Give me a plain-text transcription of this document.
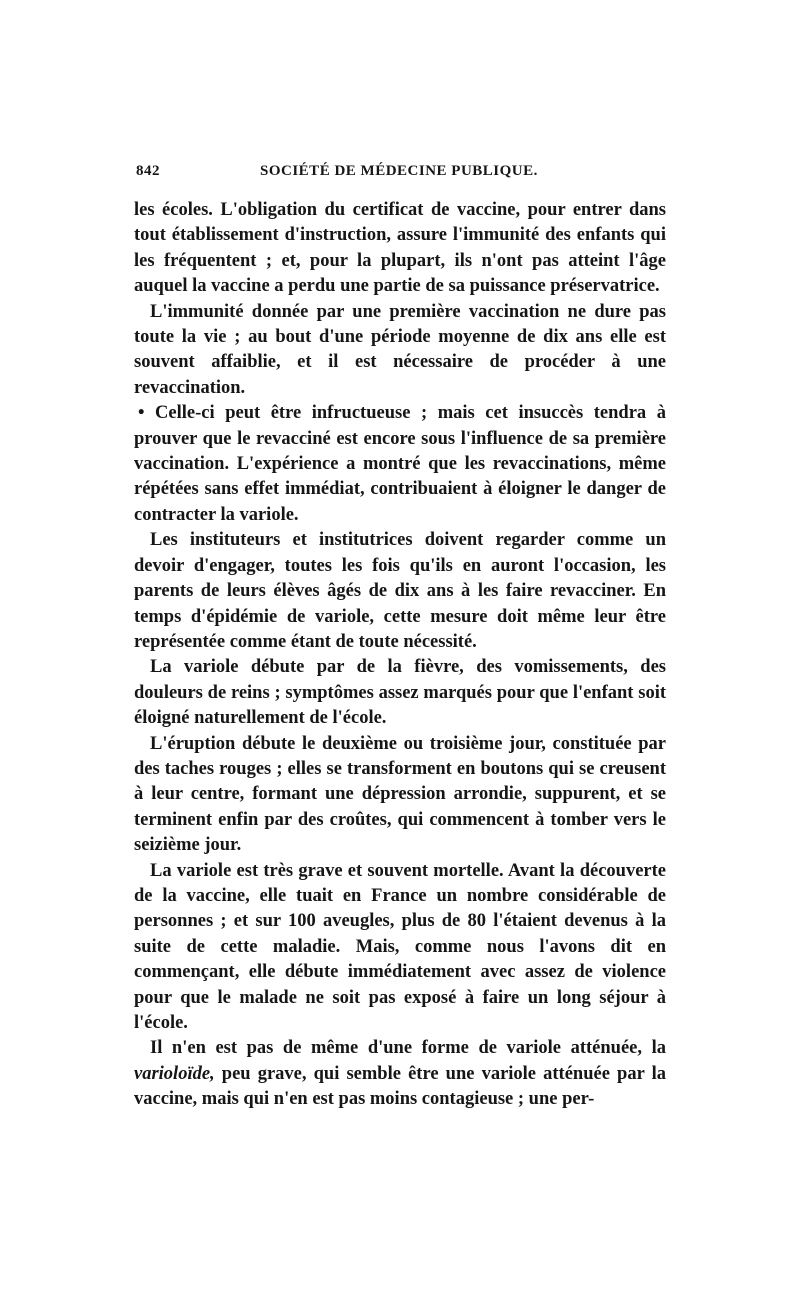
842	SOCIÉTÉ DE MÉDECINE PUBLIQUE.

les écoles. L'obligation du certificat de vaccine, pour entrer dans tout établissement d'instruction, assure l'immunité des enfants qui les fréquentent ; et, pour la plupart, ils n'ont pas atteint l'âge auquel la vaccine a perdu une partie de sa puissance préservatrice.

L'immunité donnée par une première vaccination ne dure pas toute la vie ; au bout d'une période moyenne de dix ans elle est souvent affaiblie, et il est nécessaire de procéder à une revaccination.

• Celle-ci peut être infructueuse ; mais cet insuccès tendra à prouver que le revacciné est encore sous l'influence de sa première vaccination. L'expérience a montré que les revaccinations, même répétées sans effet immédiat, contribuaient à éloigner le danger de contracter la variole.

Les instituteurs et institutrices doivent regarder comme un devoir d'engager, toutes les fois qu'ils en auront l'occasion, les parents de leurs élèves âgés de dix ans à les faire revacciner. En temps d'épidémie de variole, cette mesure doit même leur être représentée comme étant de toute nécessité.

La variole débute par de la fièvre, des vomissements, des douleurs de reins ; symptômes assez marqués pour que l'enfant soit éloigné naturellement de l'école.

L'éruption débute le deuxième ou troisième jour, constituée par des taches rouges ; elles se transforment en boutons qui se creusent à leur centre, formant une dépression arrondie, suppurent, et se terminent enfin par des croûtes, qui commencent à tomber vers le seizième jour.

La variole est très grave et souvent mortelle. Avant la découverte de la vaccine, elle tuait en France un nombre considérable de personnes ; et sur 100 aveugles, plus de 80 l'étaient devenus à la suite de cette maladie. Mais, comme nous l'avons dit en commençant, elle débute immédiatement avec assez de violence pour que le malade ne soit pas exposé à faire un long séjour à l'école.

Il n'en est pas de même d'une forme de variole atténuée, la varioloïde, peu grave, qui semble être une variole atténuée par la vaccine, mais qui n'en est pas moins contagieuse ; une per-
